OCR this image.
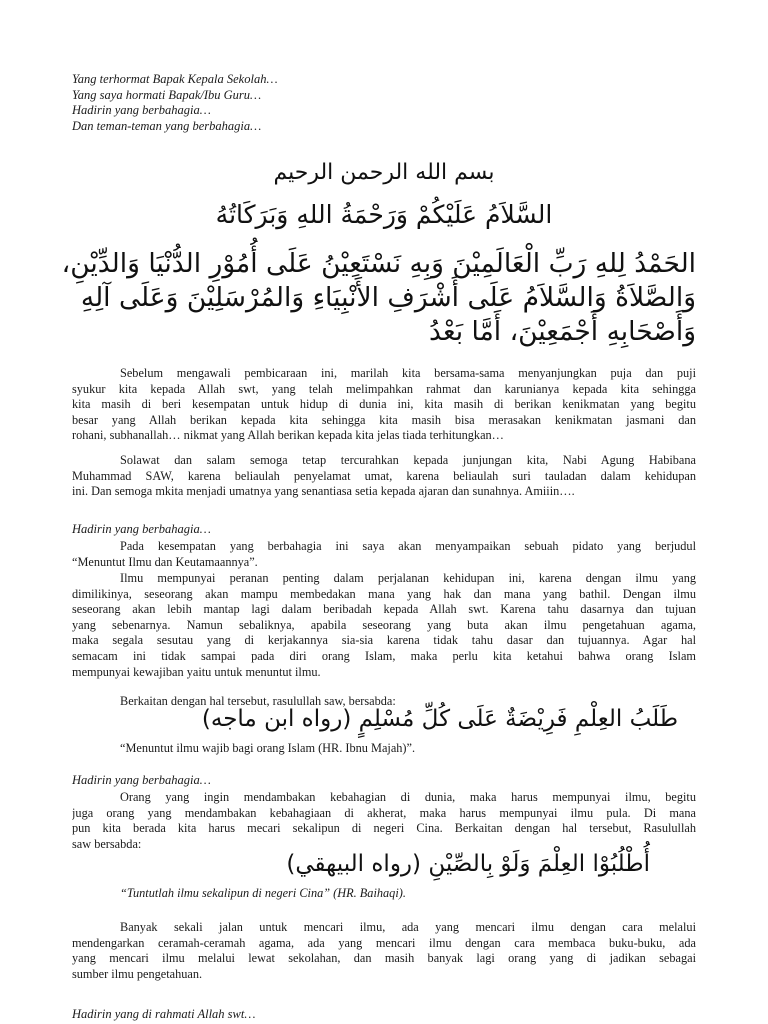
Yang terhormat Bapak Kepala Sekolah…
Yang saya hormati Bapak/Ibu Guru…
Hadirin yang berbahagia…
Dan teman-teman yang berbahagia…
بسم الله الرحمن الرحيم
السَّلاَمُ عَلَيْكُمْ وَرَحْمَةُ اللهِ وَبَرَكَاتُهُ
الحَمْدُ لِلهِ رَبِّ الْعَالَمِيْنَ وَبِهِ نَسْتَعِيْنُ عَلَى أُمُوْرِ الدُّنْيَا وَالدِّيْنِ،
وَالصَّلاَةُ وَالسَّلاَمُ عَلَى أَشْرَفِ الأَنْبِيَاءِ وَالمُرْسَلِيْنَ وَعَلَى آلِهِ
وَأَصْحَابِهِ أَجْمَعِيْنَ، أَمَّا بَعْدُ
Sebelum mengawali pembicaraan ini, marilah kita bersama-sama menyanjungkan puja dan puji
syukur kita kepada Allah swt, yang telah melimpahkan rahmat dan karunianya kepada kita sehingga
kita masih di beri kesempatan untuk hidup di dunia ini, kita masih di berikan kenikmatan yang begitu
besar yang Allah berikan kepada kita sehingga kita masih bisa merasakan kenikmatan jasmani dan
rohani, subhanallah… nikmat yang Allah berikan kepada kita jelas tiada terhitungkan…
Solawat dan salam semoga tetap tercurahkan kepada junjungan kita, Nabi Agung Habibana
Muhammad SAW, karena beliaulah penyelamat umat, karena beliaulah suri tauladan dalam kehidupan
ini. Dan semoga mkita menjadi umatnya yang senantiasa setia kepada ajaran dan sunahnya. Amiiin….
Hadirin yang berbahagia…
Pada kesempatan yang berbahagia ini saya akan menyampaikan sebuah pidato yang berjudul
“Menuntut Ilmu dan Keutamaannya”.
Ilmu mempunyai peranan penting dalam perjalanan kehidupan ini, karena dengan ilmu yang
dimilikinya, seseorang akan mampu membedakan mana yang hak dan mana yang bathil. Dengan ilmu
seseorang akan lebih mantap lagi dalam beribadah kepada Allah swt. Karena tahu dasarnya dan tujuan
yang sebenarnya. Namun sebaliknya, apabila seseorang yang buta akan ilmu pengetahuan agama,
maka segala sesutau yang di kerjakannya sia-sia karena tidak tahu dasar dan tujuannya. Agar hal
semacam ini tidak sampai pada diri orang Islam, maka perlu kita ketahui bahwa orang Islam
mempunyai kewajiban yaitu untuk menuntut ilmu.
Berkaitan dengan hal tersebut, rasulullah saw, bersabda:
طَلَبُ العِلْمِ فَرِيْضَةٌ عَلَى كُلِّ مُسْلِمٍ (رواه ابن ماجه)
“Menuntut ilmu wajib bagi orang Islam (HR. Ibnu Majah)”.
Hadirin yang berbahagia…
Orang yang ingin mendambakan kebahagian di dunia, maka harus mempunyai ilmu, begitu
juga orang yang mendambakan kebahagiaan di akherat, maka harus mempunyai ilmu pula. Di mana
pun kita berada kita harus mecari sekalipun di negeri Cina. Berkaitan dengan hal tersebut, Rasulullah
saw bersabda:
أُطْلُبُوْا العِلْمَ وَلَوْ بِالصِّيْنِ (رواه البيهقي)
“Tuntutlah ilmu sekalipun di negeri Cina” (HR. Baihaqi).
Banyak sekali jalan untuk mencari ilmu, ada yang mencari ilmu dengan cara melalui
mendengarkan ceramah-ceramah agama, ada yang mencari ilmu dengan cara membaca buku-buku, ada
yang mencari ilmu melalui lewat sekolahan, dan masih banyak lagi orang yang di jadikan sebagai
sumber ilmu pengetahuan.
Hadirin yang di rahmati Allah swt…
